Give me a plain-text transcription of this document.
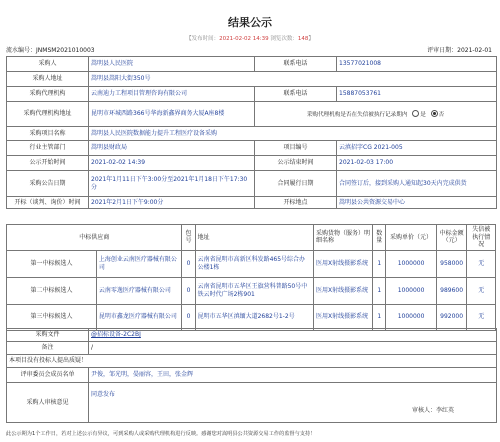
结果公示
【发布时间：2021-02-02 14:39 浏览次数：148】
流水编号：JNMSM2021010003	评审日期：2021-02-01
采购人	嵩明县人民医院	联系电话	13577021008
采购人地址	嵩明县嵩阳大街350号		
采购代理机构	云南迪力工程项目管理咨询有限公司	联系电话	15887053761
采购代理机构地址	昆明市环城西路366号华海新鑫界商务大厦A座8楼	采购代理机构是否在失信被执行记录期内 是 否	
采购项目名称	嵩明县人民医院数据能力提升工程医疗设备采购		
行业主管部门	嵩明县财政局	项目编号	云滇招字CG 2021-005
公示开始时间	2021-02-02 14:39	公示结束时间	2021-02-03 17:00
采购公告日期	2021年1月11日下午3:00分至2021年1月18日下午17:30分	合同履行日期	合同签订后，接到采购人通知起30天内完成供货
开标（谈判、询价）时间	2021年2月1日下午9:00分	开标地点	嵩明县公共资源交易中心
中标供应商		包号	地址	采购货物（服务）明细名称	数量	采购单价（元）	中标金额（元）	失信被执行情况
第一中标候选人	上海创业云南医疗器械有限公司	0	云南省昆明市高新区科发路465号综合办公楼1栋	医用X射线摄影系统	1	1000000	958000	无
第二中标候选人	云南零逸医疗器械有限公司	0	云南省昆明市五华区王旗营科普路50号中铁云时代广场2栋901	医用X射线摄影系统	1	1000000	989600	无
第三中标候选人	昆明市鑫龙医疗器械有限公司	0	昆明市五华区滇缅大道2682号1-2号	医用X射线摄影系统	1	1000000	992000	无
采购文件	@招标设备-2C2BJ
备注	/
本项目没有投标人提出质疑！	
评审委员会成员名单	尹俊，邹光明，晏丽容，王田，张金辉
采购人审核意见	同意发布
审核人：李红英
此公示期为1个工作日，若对上述公示有异议，可到采购人或采购代理机构进行反映。感谢您对嵩明县公共资源交易工作的监督与支持！
